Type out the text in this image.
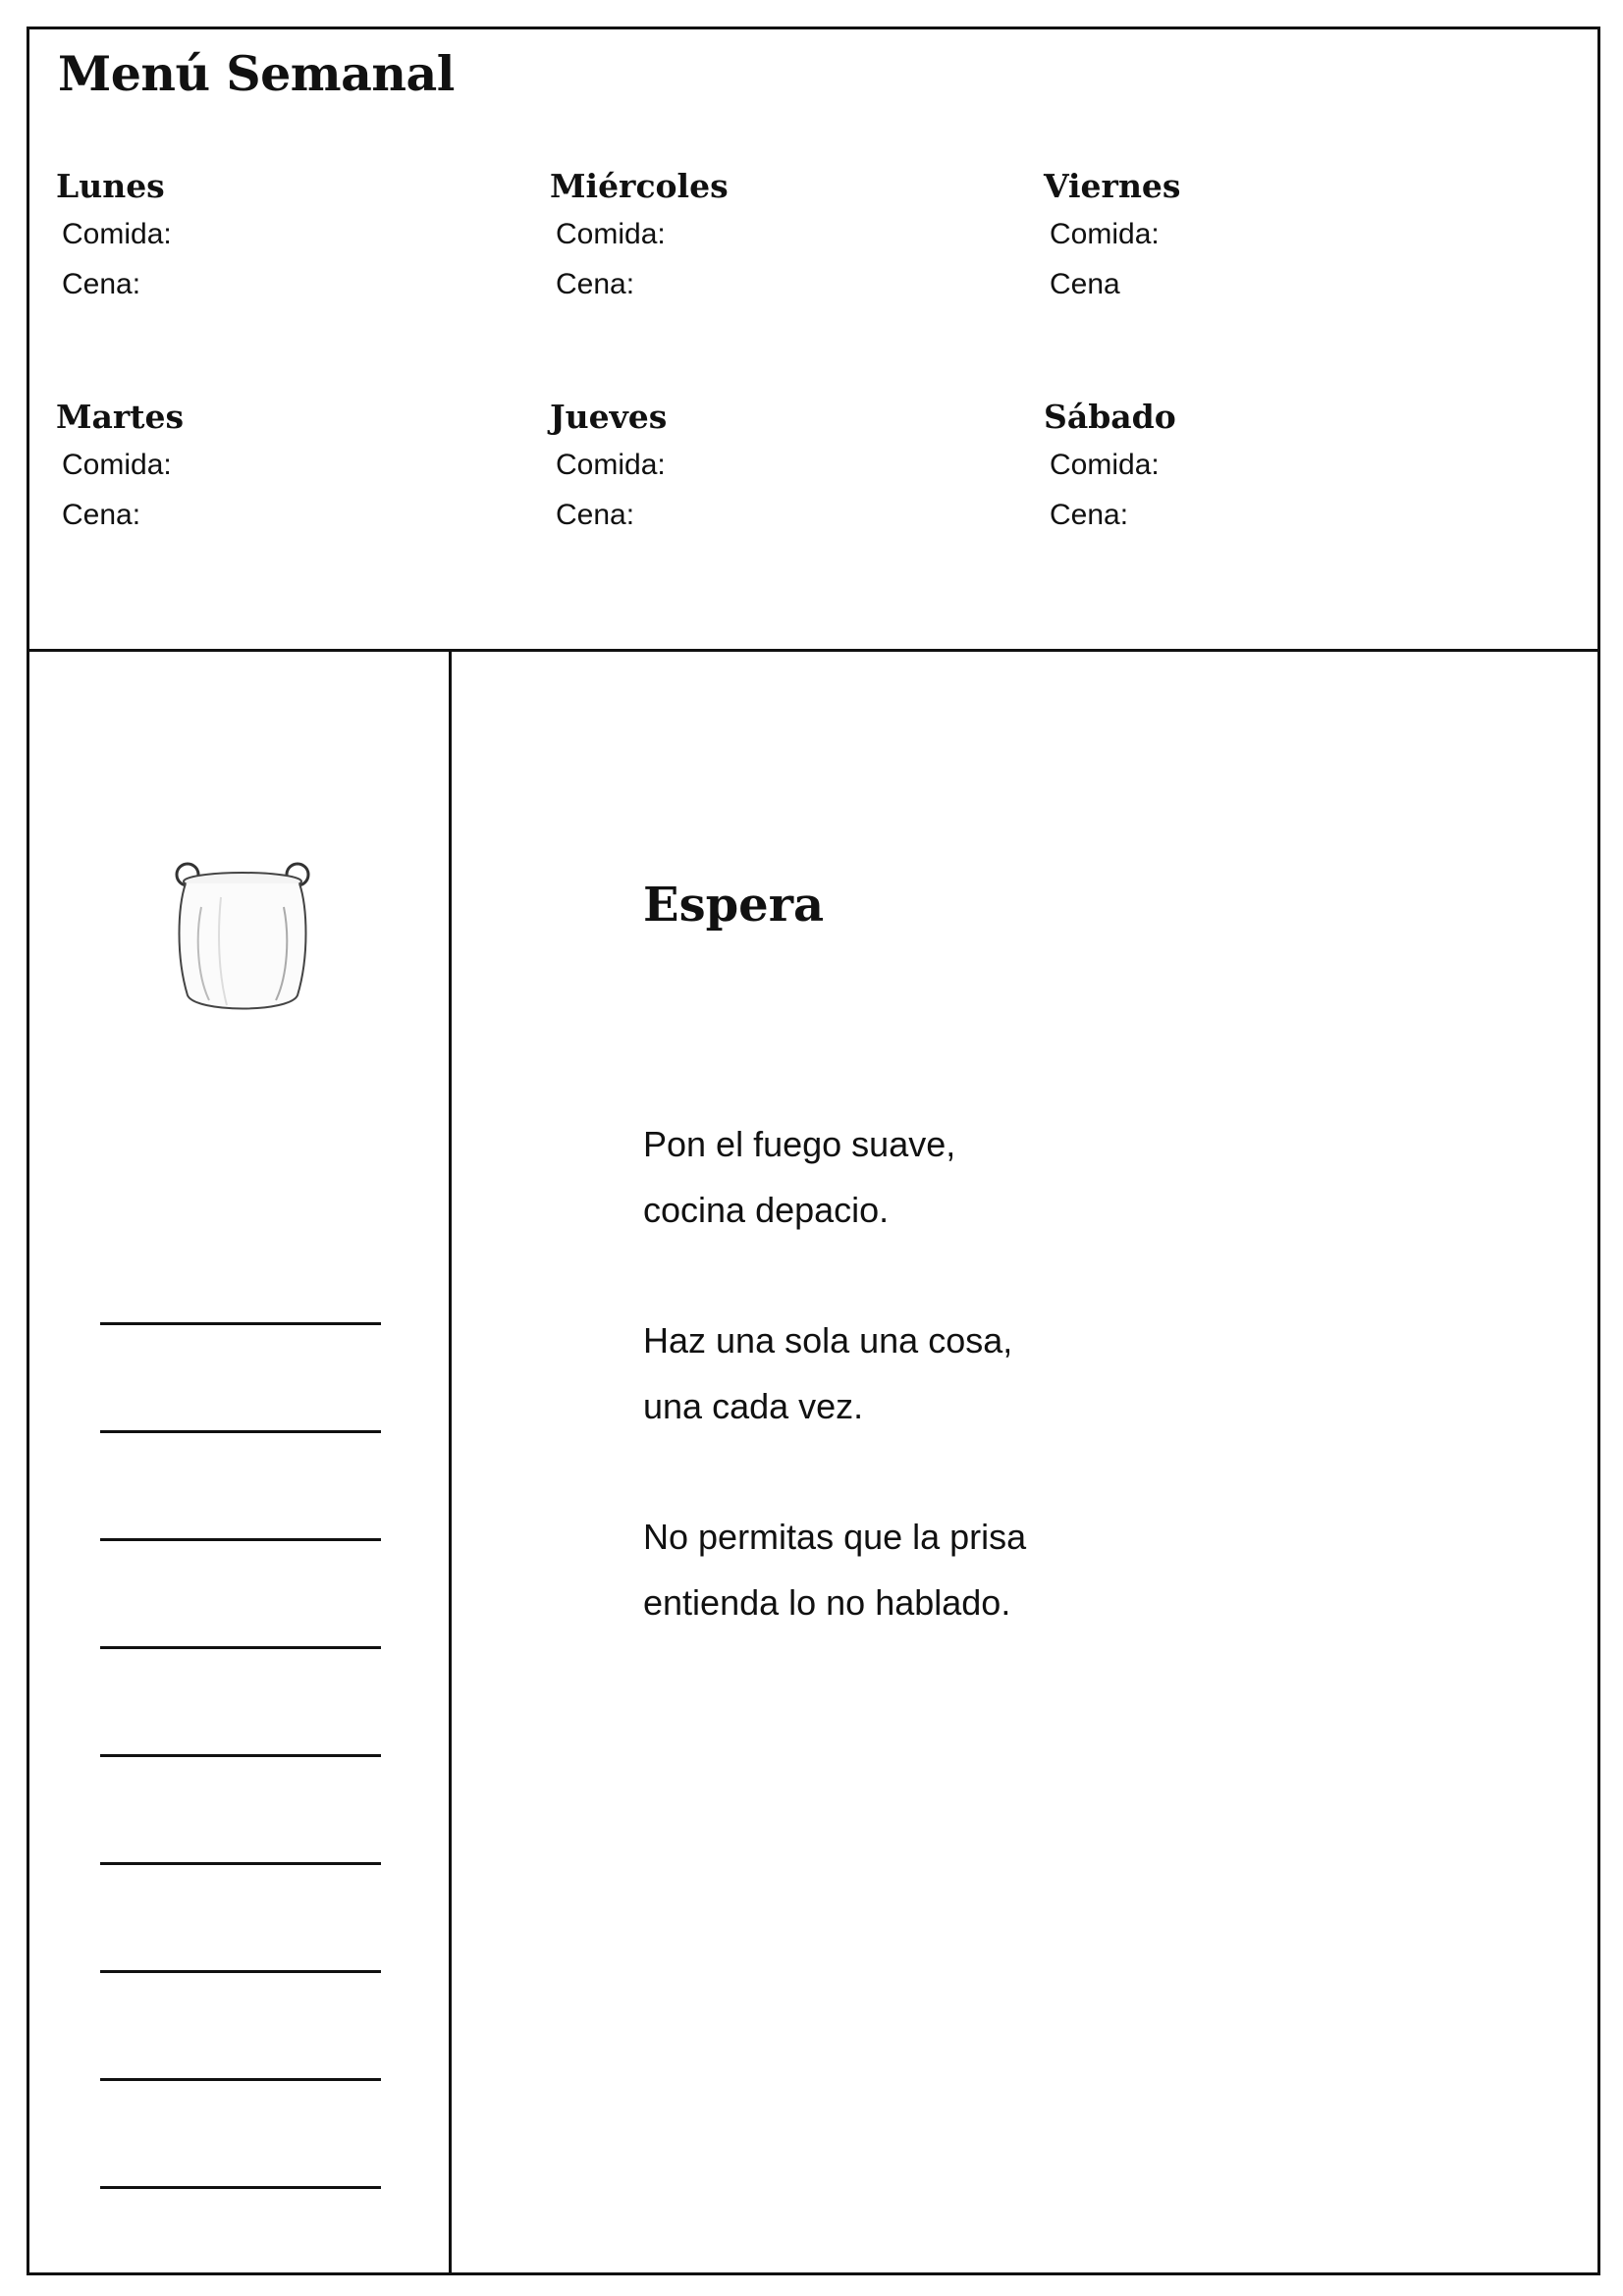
Menú Semanal
Lunes
Comida:
Cena:
Miércoles
Comida:
Cena:
Viernes
Comida:
Cena
Martes
Comida:
Cena:
Jueves
Comida:
Cena:
Sábado
Comida:
Cena:
Espera
Pon el fuego suave,
cocina depacio.
Haz una sola una cosa,
una cada vez.
No permitas que la prisa
entienda lo no hablado.
